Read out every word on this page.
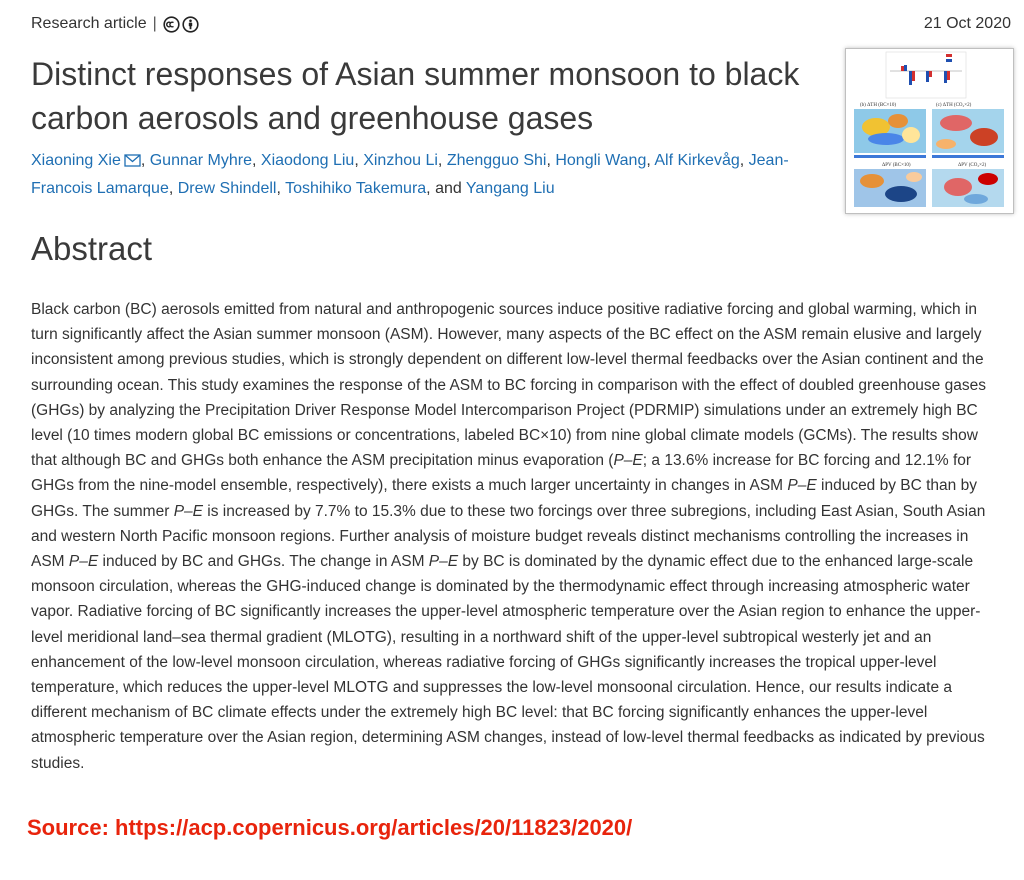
Research article |	21 Oct 2020
Distinct responses of Asian summer monsoon to black carbon aerosols and greenhouse gases
Xiaoning Xie , Gunnar Myhre, Xiaodong Liu, Xinzhou Li, Zhengguo Shi, Hongli Wang, Alf Kirkevåg, Jean-Francois Lamarque, Drew Shindell, Toshihiko Takemura, and Yangang Liu
(b) ΔTH (BC×10)	(c) ΔTH (CO₂×2)
ΔPV (BC×10)	ΔPV (CO₂×2)
Abstract

Black carbon (BC) aerosols emitted from natural and anthropogenic sources induce positive radiative forcing and global warming, which in turn significantly affect the Asian summer monsoon (ASM). However, many aspects of the BC effect on the ASM remain elusive and largely inconsistent among previous studies, which is strongly dependent on different low-level thermal feedbacks over the Asian continent and the surrounding ocean. This study examines the response of the ASM to BC forcing in comparison with the effect of doubled greenhouse gases (GHGs) by analyzing the Precipitation Driver Response Model Intercomparison Project (PDRMIP) simulations under an extremely high BC level (10 times modern global BC emissions or concentrations, labeled BC×10) from nine global climate models (GCMs). The results show that although BC and GHGs both enhance the ASM precipitation minus evaporation (P–E; a 13.6% increase for BC forcing and 12.1% for GHGs from the nine-model ensemble, respectively), there exists a much larger uncertainty in changes in ASM P–E induced by BC than by GHGs. The summer P–E is increased by 7.7% to 15.3% due to these two forcings over three subregions, including East Asian, South Asian and western North Pacific monsoon regions. Further analysis of moisture budget reveals distinct mechanisms controlling the increases in ASM P–E induced by BC and GHGs. The change in ASM P–E by BC is dominated by the dynamic effect due to the enhanced large-scale monsoon circulation, whereas the GHG-induced change is dominated by the thermodynamic effect through increasing atmospheric water vapor. Radiative forcing of BC significantly increases the upper-level atmospheric temperature over the Asian region to enhance the upper-level meridional land–sea thermal gradient (MLOTG), resulting in a northward shift of the upper-level subtropical westerly jet and an enhancement of the low-level monsoon circulation, whereas radiative forcing of GHGs significantly increases the tropical upper-level temperature, which reduces the upper-level MLOTG and suppresses the low-level monsoonal circulation. Hence, our results indicate a different mechanism of BC climate effects under the extremely high BC level: that BC forcing significantly enhances the upper-level atmospheric temperature over the Asian region, determining ASM changes, instead of low-level thermal feedbacks as indicated by previous studies.

Source: https://acp.copernicus.org/articles/20/11823/2020/
